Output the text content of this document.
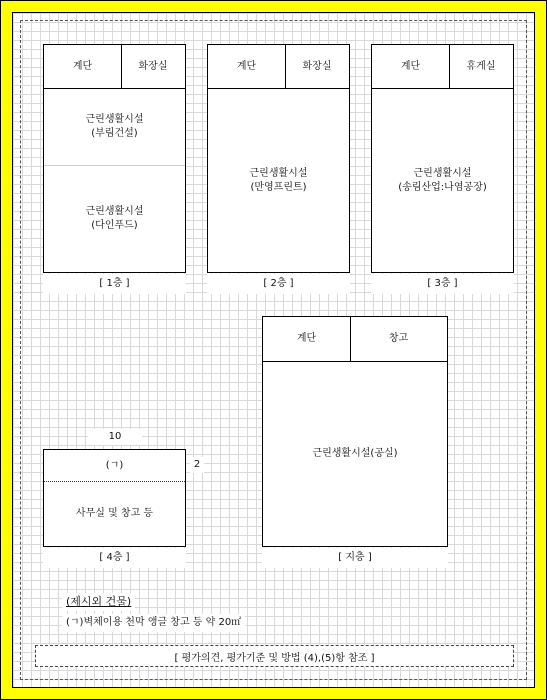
계단	화장실
근린생활시설
(부림건설)
근린생활시설
(다인푸드)
[ 1층 ]
계단	화장실
근린생활시설
(만영프린트)
[ 2층 ]
계단	휴게실
근린생활시설
(송림산업:나염공장)
[ 3층 ]
10
(ㄱ)
사무실 및 창고 등
2
[ 4층 ]
계단	창고
근린생활시설(공실)
[ 지층 ]
(제시외 건물)
(ㄱ)벽체이용 천막 앵글 창고 등 약 20㎡
[ 평가의견, 평가기준 및 방법 (4),(5)항 참조 ]
